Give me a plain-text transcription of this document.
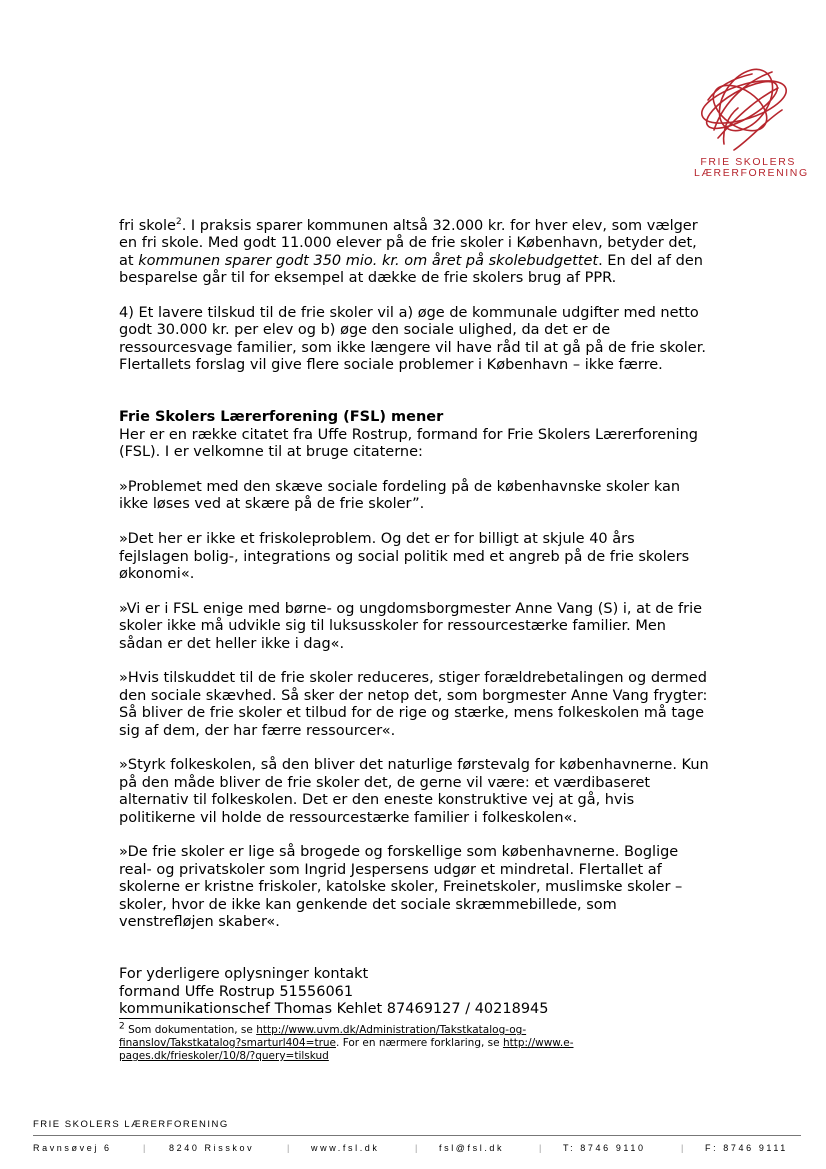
FRIE SKOLERS
LÆRERFORENING

fri skole$^2$. I praksis sparer kommunen altså 32.000 kr. for hver elev, som vælger en fri skole. Med godt 11.000 elever på de frie skoler i København, betyder det, at kommunen sparer godt 350 mio. kr. om året på skolebudgettet. En del af den besparelse går til for eksempel at dække de frie skolers brug af PPR.

4) Et lavere tilskud til de frie skoler vil a) øge de kommunale udgifter med netto godt 30.000 kr. per elev og b) øge den sociale ulighed, da det er de ressourcesvage familier, som ikke længere vil have råd til at gå på de frie skoler. Flertallets forslag vil give flere sociale problemer i København – ikke færre.

Frie Skolers Lærerforening (FSL) mener

Her er en række citatet fra Uffe Rostrup, formand for Frie Skolers Lærerforening (FSL). I er velkomne til at bruge citaterne:

»Problemet med den skæve sociale fordeling på de københavnske skoler kan ikke løses ved at skære på de frie skoler”.

»Det her er ikke et friskoleproblem. Og det er for billigt at skjule 40 års fejlslagen bolig-, integrations og social politik med et angreb på de frie skolers økonomi«.

»Vi er i FSL enige med børne- og ungdomsborgmester Anne Vang (S) i, at de frie skoler ikke må udvikle sig til luksusskoler for ressourcestærke familier. Men sådan er det heller ikke i dag«.

»Hvis tilskuddet til de frie skoler reduceres, stiger forældrebetalingen og dermed den sociale skævhed. Så sker der netop det, som borgmester Anne Vang frygter: Så bliver de frie skoler et tilbud for de rige og stærke, mens folkeskolen må tage sig af dem, der har færre ressourcer«.

»Styrk folkeskolen, så den bliver det naturlige førstevalg for københavnerne. Kun på den måde bliver de frie skoler det, de gerne vil være: et værdibaseret alternativ til folkeskolen. Det er den eneste konstruktive vej at gå, hvis politikerne vil holde de ressourcestærke familier i folkeskolen«.

»De frie skoler er lige så brogede og forskellige som københavnerne. Boglige real- og privatskoler som Ingrid Jespersens udgør et mindretal. Flertallet af skolerne er kristne friskoler, katolske skoler, Freinetskoler, muslimske skoler – skoler, hvor de ikke kan genkende det sociale skræmmebillede, som venstrefløjen skaber«.

For yderligere oplysninger kontakt
formand Uffe Rostrup 51556061
kommunikationschef Thomas Kehlet 87469127 / 40218945
$^2$ Som dokumentation, se http://www.uvm.dk/Administration/Takstkatalog-og-finanslov/Takstkatalog?smarturl404=true. For en nærmere forklaring, se http://www.e-pages.dk/frieskoler/10/8/?query=tilskud
FRIE SKOLERS LÆRERFORENING
Ravnsøvej 6	| 8240 Risskov	| www.fsl.dk	| fsl@fsl.dk	| T: 8746 9110	| F: 8746 9111
